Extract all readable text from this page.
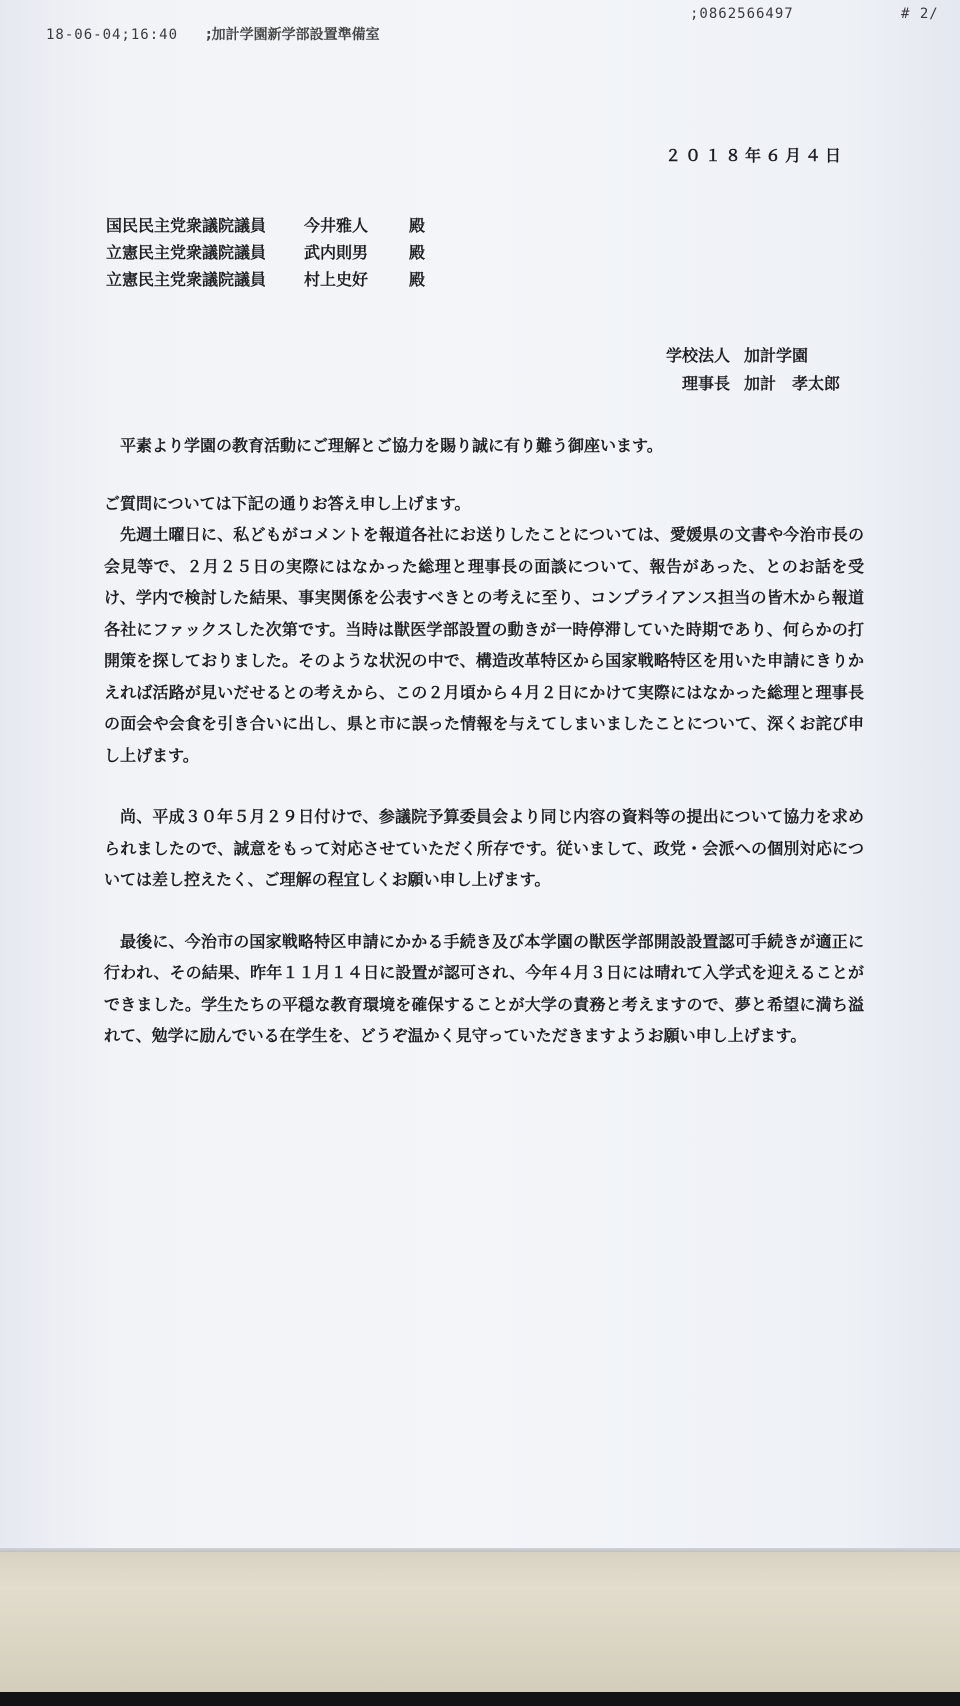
18-06-04;16:40 ;加計学園新学部設置準備室
;0862566497	# 2/
２０１８年６月４日
国民民主党衆議院議員 今井雅人	殿
立憲民主党衆議院議員 武内則男	殿
立憲民主党衆議院議員 村上史好	殿
学校法人 加計学園
理事長 加計　孝太郎

平素より学園の教育活動にご理解とご協力を賜り誠に有り難う御座います。

ご質問については下記の通りお答え申し上げます。

先週土曜日に、私どもがコメントを報道各社にお送りしたことについては、愛媛県の文書や今治市長の会見等で、２月２５日の実際にはなかった総理と理事長の面談について、報告があった、とのお話を受け、学内で検討した結果、事実関係を公表すべきとの考えに至り、コンプライアンス担当の皆木から報道各社にファックスした次第です。当時は獣医学部設置の動きが一時停滞していた時期であり、何らかの打開策を探しておりました。そのような状況の中で、構造改革特区から国家戦略特区を用いた申請にきりかえれば活路が見いだせるとの考えから、この２月頃から４月２日にかけて実際にはなかった総理と理事長の面会や会食を引き合いに出し、県と市に誤った情報を与えてしまいましたことについて、深くお詫び申し上げます。

尚、平成３０年５月２９日付けで、参議院予算委員会より同じ内容の資料等の提出について協力を求められましたので、誠意をもって対応させていただく所存です。従いまして、政党・会派への個別対応については差し控えたく、ご理解の程宜しくお願い申し上げます。

最後に、今治市の国家戦略特区申請にかかる手続き及び本学園の獣医学部開設設置認可手続きが適正に行われ、その結果、昨年１１月１４日に設置が認可され、今年４月３日には晴れて入学式を迎えることができました。学生たちの平穏な教育環境を確保することが大学の責務と考えますので、夢と希望に満ち溢れて、勉学に励んでいる在学生を、どうぞ温かく見守っていただきますようお願い申し上げます。
